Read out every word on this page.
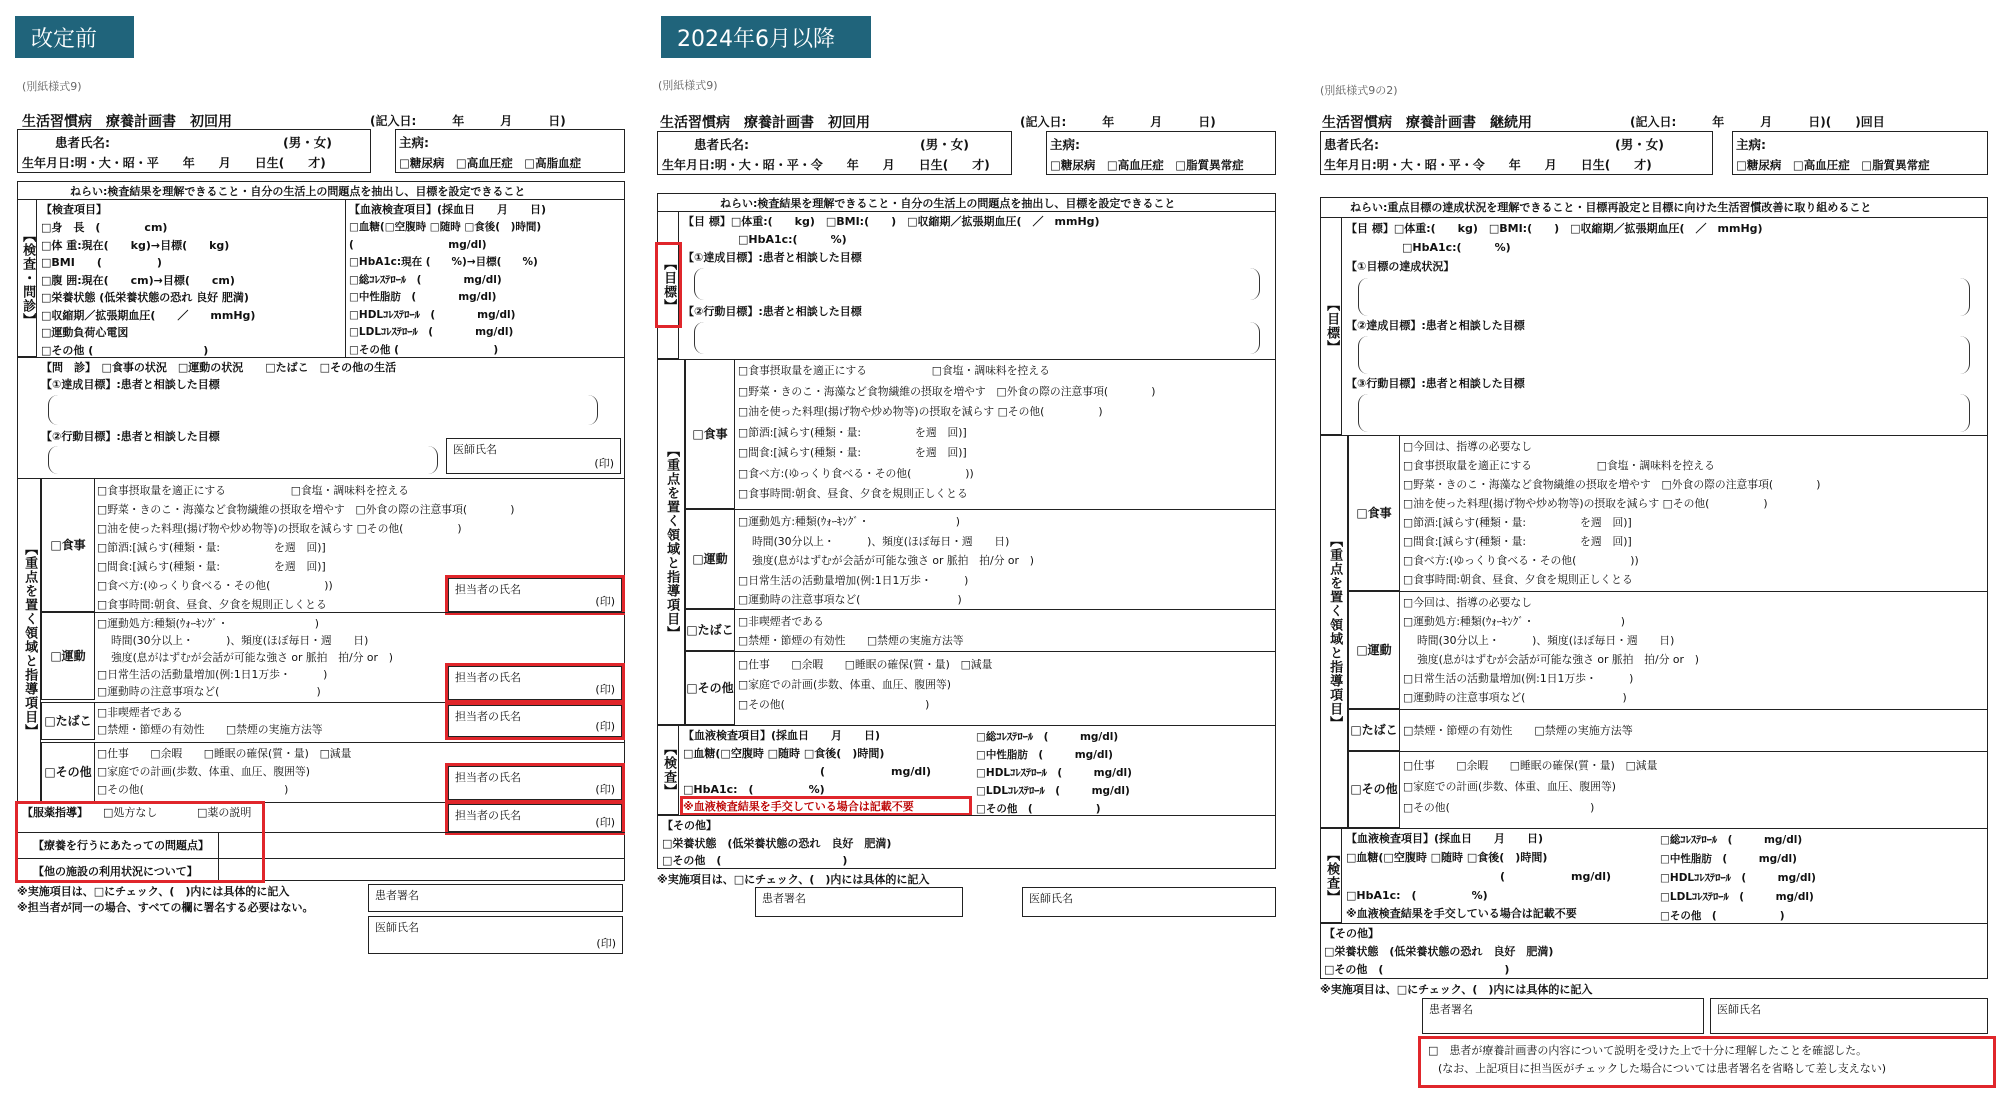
改定前	2024年6月以降
(別紙様式9)
生活習慣病　療養計画書　初回用	(記入日:　　　年　　　月　　　日)
患者氏名:	(男・女)
生年月日:明・大・昭・平　　年　　月　　日生(　　才)
主病:
□糖尿病　□高血圧症　□高脂血症
ねらい:検査結果を理解できること・自分の生活上の問題点を抽出し、目標を設定できること
【検査・問診】
【検査項目】
□身　長　(　　　　cm)
□体 重:現在(　　kg)→目標(　　kg)
□BMI　　(　　　　　)
□腹 囲:現在(　　cm)→目標(　　cm)
□栄養状態 (低栄養状態の恐れ 良好 肥満)
□収縮期／拡張期血圧(　　／　　mmHg)
□運動負荷心電図
□その他 (　　　　　　　　　　)
【血液検査項目】(採血日　　月　　日)
□血糖(□空腹時 □随時 □食後(　)時間)
(　　　　　　　　　mg/dl)
□HbA1c:現在 (　　%)→目標(　　%)
□総ｺﾚｽﾃﾛｰﾙ　(　　　　mg/dl)
□中性脂肪　(　　　　mg/dl)
□HDLｺﾚｽﾃﾛｰﾙ　(　　　　mg/dl)
□LDLｺﾚｽﾃﾛｰﾙ　(　　　　mg/dl)
□その他 (　　　　　　　　　)
【問　診】　□食事の状況　□運動の状況　　□たばこ　□その他の生活
【①達成目標】:患者と相談した目標
【②行動目標】:患者と相談した目標
医師氏名
(印)
【重点を置く領域と指導項目】	□食事
□食事摂取量を適正にする　　　　　　□食塩・調味料を控える
□野菜・きのこ・海藻など食物繊維の摂取を増やす　□外食の際の注意事項(　　　　)
□油を使った料理(揚げ物や炒め物等)の摂取を減らす □その他(　　　　　)
□節酒:[減らす(種類・量:　　　　　を週　回)]
□間食:[減らす(種類・量:　　　　　を週　回)]
□食べ方:(ゆっくり食べる・その他(　　　　　))
□食事時間:朝食、昼食、夕食を規則正しくとる
担当者の氏名
(印)
□運動
□運動処方:種類(ｳｫｰｷﾝｸﾞ・　　　　　　　　)
時間(30分以上・　　　)、頻度(ほぼ毎日・週　　日)
強度(息がはずむが会話が可能な強さ or 脈拍　拍/分 or　)
□日常生活の活動量増加(例:1日1万歩・　　　)
□運動時の注意事項など(　　　　　　　　　)
担当者の氏名
(印)
□たばこ
□非喫煙者である
□禁煙・節煙の有効性　　□禁煙の実施方法等
担当者の氏名
(印)
□その他
□仕事　　□余暇　　□睡眠の確保(質・量)　□減量
□家庭での計画(歩数、体重、血圧、腹囲等)
□その他(　　　　　　　　　　　　　)
担当者の氏名
(印)
【服薬指導】 □処方なし	□薬の説明	担当者の氏名
(印)
【療養を行うにあたっての問題点】
【他の施設の利用状況について】
※実施項目は、□にチェック、(　)内には具体的に記入
※担当者が同一の場合、すべての欄に署名する必要はない。
患者署名
医師氏名
(印)
(別紙様式9)
生活習慣病　療養計画書　初回用	(記入日:　　　年　　　月　　　日)
患者氏名:	(男・女)
生年月日:明・大・昭・平・令　　年　　月　　日生(　　才)
主病:
□糖尿病　□高血圧症　□脂質異常症
ねらい:検査結果を理解できること・自分の生活上の問題点を抽出し、目標を設定できること
【目標】
【目 標】□体重:(　　kg)　□BMI:(　　)　□収縮期／拡張期血圧(　／　mmHg)
□HbA1c:(　　　%)
【①達成目標】:患者と相談した目標
【②行動目標】:患者と相談した目標
【重点を置く領域と指導項目】
□食事
□食事摂取量を適正にする　　　　　　□食塩・調味料を控える
□野菜・きのこ・海藻など食物繊維の摂取を増やす　□外食の際の注意事項(　　　　)
□油を使った料理(揚げ物や炒め物等)の摂取を減らす □その他(　　　　　)
□節酒:[減らす(種類・量:　　　　　を週　回)]
□間食:[減らす(種類・量:　　　　　を週　回)]
□食べ方:(ゆっくり食べる・その他(　　　　　))
□食事時間:朝食、昼食、夕食を規則正しくとる
□運動
□運動処方:種類(ｳｫｰｷﾝｸﾞ・　　　　　　　　)
時間(30分以上・　　　)、頻度(ほぼ毎日・週　　日)
強度(息がはずむが会話が可能な強さ or 脈拍　拍/分 or　)
□日常生活の活動量増加(例:1日1万歩・　　　)
□運動時の注意事項など(　　　　　　　　　)
□たばこ
□非喫煙者である
□禁煙・節煙の有効性　　□禁煙の実施方法等
□その他
□仕事　　□余暇　　□睡眠の確保(質・量)　□減量
□家庭での計画(歩数、体重、血圧、腹囲等)
□その他(　　　　　　　　　　　　　)
【検査】
【血液検査項目】(採血日　　月　　日)
□血糖(□空腹時 □随時 □食後(　)時間)
(　　　　　　mg/dl)
□HbA1c:　(　　　　　%)
□総ｺﾚｽﾃﾛｰﾙ　(　　　mg/dl)
□中性脂肪　(　　　mg/dl)
□HDLｺﾚｽﾃﾛｰﾙ　(　　　mg/dl)
□LDLｺﾚｽﾃﾛｰﾙ　(　　　mg/dl)
□その他　(　　　　　　)
※血液検査結果を手交している場合は記載不要
【その他】
□栄養状態　(低栄養状態の恐れ　良好　肥満)
□その他　(　　　　　　　　　　　)
※実施項目は、□にチェック、(　)内には具体的に記入
患者署名	医師氏名
(別紙様式9の2)
生活習慣病　療養計画書　継続用	(記入日:　　　年　　　月　　　日)(　　)回目
患者氏名:	(男・女)
生年月日:明・大・昭・平・令　　年　　月　　日生(　　才)
主病:
□糖尿病　□高血圧症　□脂質異常症
ねらい:重点目標の達成状況を理解できること・目標再設定と目標に向けた生活習慣改善に取り組めること
【目標】
【目 標】□体重:(　　kg)　□BMI:(　　)　□収縮期／拡張期血圧(　／　mmHg)
□HbA1c:(　　　%)
【①目標の達成状況】
【②達成目標】:患者と相談した目標
【③行動目標】:患者と相談した目標
【重点を置く領域と指導項目】
□食事
□今回は、指導の必要なし
□食事摂取量を適正にする　　　　　　□食塩・調味料を控える
□野菜・きのこ・海藻など食物繊維の摂取を増やす　□外食の際の注意事項(　　　　)
□油を使った料理(揚げ物や炒め物等)の摂取を減らす □その他(　　　　　)
□節酒:[減らす(種類・量:　　　　　を週　回)]
□間食:[減らす(種類・量:　　　　　を週　回)]
□食べ方:(ゆっくり食べる・その他(　　　　　))
□食事時間:朝食、昼食、夕食を規則正しくとる
□運動
□今回は、指導の必要なし
□運動処方:種類(ｳｫｰｷﾝｸﾞ・　　　　　　　　)
時間(30分以上・　　　)、頻度(ほぼ毎日・週　　日)
強度(息がはずむが会話が可能な強さ or 脈拍　拍/分 or　)
□日常生活の活動量増加(例:1日1万歩・　　　)
□運動時の注意事項など(　　　　　　　　　)
□たばこ □禁煙・節煙の有効性　　□禁煙の実施方法等
□その他
□仕事　　□余暇　　□睡眠の確保(質・量)　□減量
□家庭での計画(歩数、体重、血圧、腹囲等)
□その他(　　　　　　　　　　　　　)
【検査】
【血液検査項目】(採血日　　月　　日)
□血糖(□空腹時 □随時 □食後(　)時間)
(　　　　　　mg/dl)
□HbA1c:　(　　　　　%)
※血液検査結果を手交している場合は記載不要
□総ｺﾚｽﾃﾛｰﾙ　(　　　mg/dl)
□中性脂肪　(　　　mg/dl)
□HDLｺﾚｽﾃﾛｰﾙ　(　　　mg/dl)
□LDLｺﾚｽﾃﾛｰﾙ　(　　　mg/dl)
□その他　(　　　　　　)
【その他】
□栄養状態　(低栄養状態の恐れ　良好　肥満)
□その他　(　　　　　　　　　　　)
※実施項目は、□にチェック、(　)内には具体的に記入
患者署名	医師氏名
□　患者が療養計画書の内容について説明を受けた上で十分に理解したことを確認した。
(なお、上記項目に担当医がチェックした場合については患者署名を省略して差し支えない)
